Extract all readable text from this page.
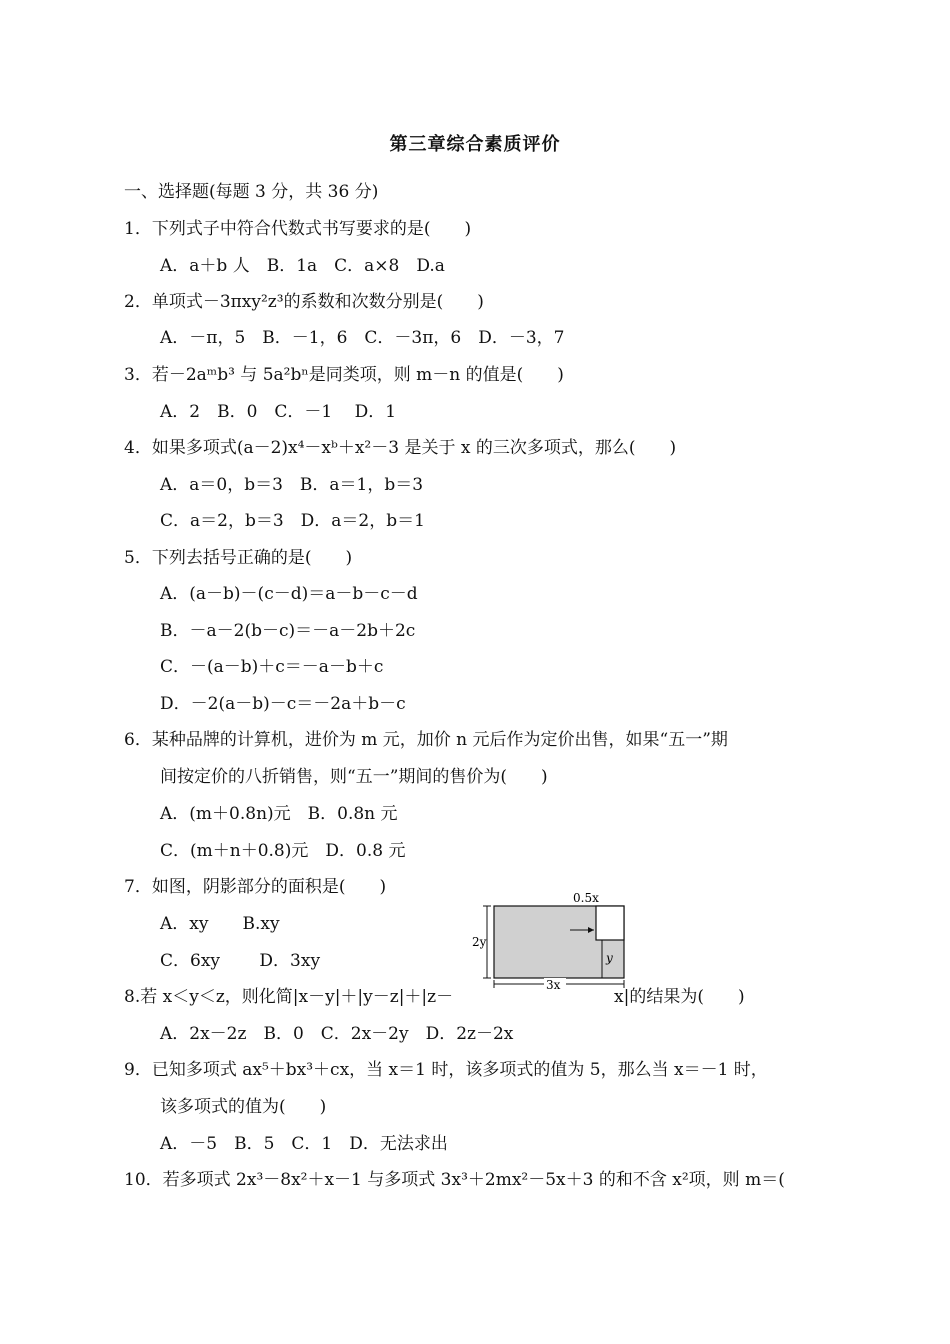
第三章综合素质评价
一、选择题(每题 3 分，共 36 分)
1．下列式子中符合代数式书写要求的是(　　)
A．a＋b 人　B．1a　C．a×8　D.a
2．单项式－3πxy²z³的系数和次数分别是(　　)
A．－π，5　B．－1，6　C．－3π，6　D．－3，7
3．若－2aᵐb³ 与 5a²bⁿ是同类项，则 m－n 的值是(　　)
A．2　B．0　C．－1　 D．1
4．如果多项式(a－2)x⁴－xᵇ＋x²－3 是关于 x 的三次多项式，那么(　　)
A．a＝0，b＝3　B．a＝1，b＝3
C．a＝2，b＝3　D．a＝2，b＝1
5．下列去括号正确的是(　　)
A．(a－b)－(c－d)＝a－b－c－d
B．－a－2(b－c)＝－a－2b＋2c
C．－(a－b)＋c＝－a－b＋c
D．－2(a－b)－c＝－2a＋b－c
6．某种品牌的计算机，进价为 m 元，加价 n 元后作为定价出售，如果“五一”期
间按定价的八折销售，则“五一”期间的售价为(　　)
A．(m＋0.8n)元　B．0.8n 元
C．(m＋n＋0.8)元　D．0.8 元
7．如图，阴影部分的面积是(　　)
A．xy　　B.xy
C．6xy　　 D．3xy
0.5x
2y
y
3x
8.若 x＜y＜z，则化简|x－y|＋|y－z|＋|z－	x|的结果为(　　)
A．2x－2z　B．0　C．2x－2y　D．2z－2x
9．已知多项式 ax⁵＋bx³＋cx，当 x＝1 时，该多项式的值为 5，那么当 x＝－1 时，
该多项式的值为(　　)
A．－5　B．5　C．1　D．无法求出
10．若多项式 2x³－8x²＋x－1 与多项式 3x³＋2mx²－5x＋3 的和不含 x²项，则 m＝(
